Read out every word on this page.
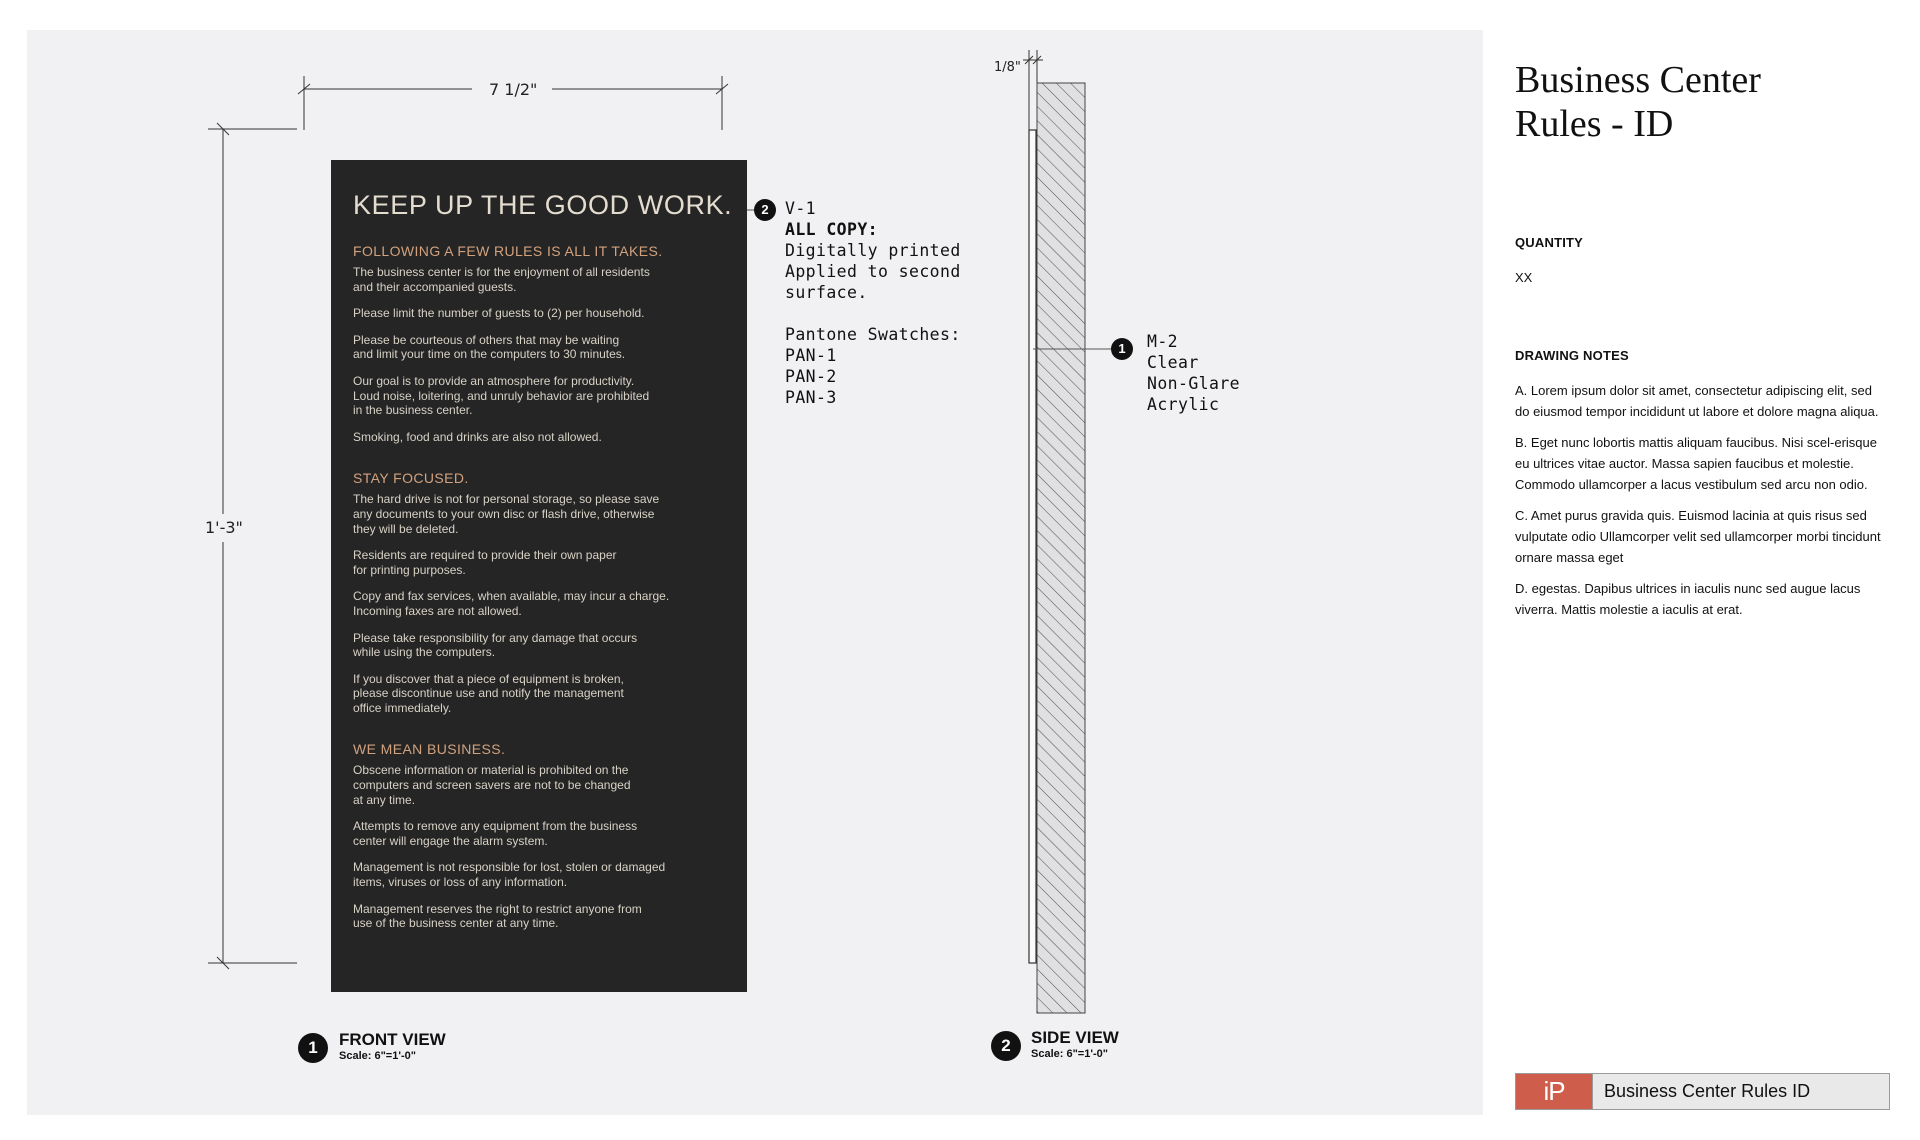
7 1/2"
1'-3"
1/8"
KEEP UP THE GOOD WORK.
FOLLOWING A FEW RULES IS ALL IT TAKES.
The business center is for the enjoyment of all residents
and their accompanied guests.
Please limit the number of guests to (2) per household.
Please be courteous of others that may be waiting
and limit your time on the computers to 30 minutes.
Our goal is to provide an atmosphere for productivity.
Loud noise, loitering, and unruly behavior are prohibited
in the business center.
Smoking, food and drinks are also not allowed.
STAY FOCUSED.
The hard drive is not for personal storage, so please save
any documents to your own disc or flash drive, otherwise
they will be deleted.
Residents are required to provide their own paper
for printing purposes.
Copy and fax services, when available, may incur a charge.
Incoming faxes are not allowed.
Please take responsibility for any damage that occurs
while using the computers.
If you discover that a piece of equipment is broken,
please discontinue use and notify the management
office immediately.
WE MEAN BUSINESS.
Obscene information or material is prohibited on the
computers and screen savers are not to be changed
at any time.
Attempts to remove any equipment from the business
center will engage the alarm system.
Management is not responsible for lost, stolen or damaged
items, viruses or loss of any information.
Management reserves the right to restrict anyone from
use of the business center at any time.
2 V-1
ALL COPY:
Digitally printed
Applied to second
surface.
Pantone Swatches:
PAN-1
PAN-2
PAN-3
1	M-2
Clear
Non-Glare
Acrylic
1	FRONT VIEW
Scale: 6"=1'-0"
2	SIDE VIEW
Scale: 6"=1'-0"
Business Center
Rules - ID
QUANTITY
XX
DRAWING NOTES

A. Lorem ipsum dolor sit amet, consectetur adipiscing elit, sed do eiusmod tempor incididunt ut labore et dolore magna aliqua.

B. Eget nunc lobortis mattis aliquam faucibus. Nisi scel-erisque eu ultrices vitae auctor. Massa sapien faucibus et molestie. Commodo ullamcorper a lacus vestibulum sed arcu non odio.

C. Amet purus gravida quis. Euismod lacinia at quis risus sed vulputate odio Ullamcorper velit sed ullamcorper morbi tincidunt ornare massa eget

D. egestas. Dapibus ultrices in iaculis nunc sed augue lacus viverra. Mattis molestie a iaculis at erat.

iP	Business Center Rules ID
